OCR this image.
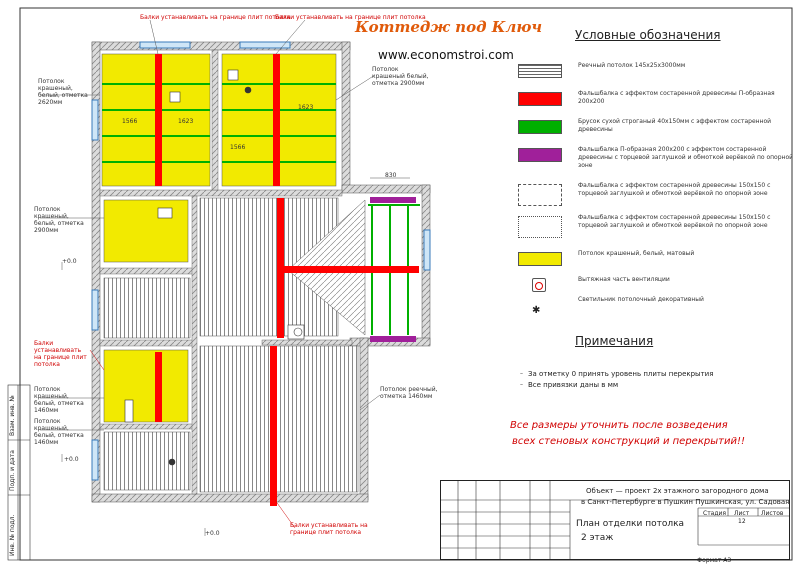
Коттедж под Ключ
www.economstroi.com
Балки устанавливать на границе плит потолка
Балки устанавливать на границе плит потолка
Потолок крашеный, белый, отметка 2620мм
Потолок крашеный, белый, отметка 2900мм
Балки устанавливать на границе плит потолка
Потолок крашеный, белый, отметка 1460мм
Потолок крашеный, белый, отметка 1460мм
Потолок крашеный белый, отметка 2900мм
Потолок реечный, отметка 1460мм
Балки устанавливать на границе плит потолка
1566	1623
1566
1623
830
+0.0
+0.0
+0.0
Условные обозначения
Реечный потолок 145х25х3000мм
Фальшбалка с эффектом состаренной древесины П-образная 200х200
Брусок сухой строганый 40х150мм с эффектом состаренной древесины
Фальшбалка П-образная 200х200 с эффектом состаренной древесины с торцевой заглушкой и обмоткой верёвкой по опорной зоне
Фальшбалка с эффектом состаренной древесины 150х150 с торцевой заглушкой и обмоткой верёвкой по опорной зоне
Фальшбалка с эффектом состаренной древесины 150х150 с торцевой заглушкой и обмоткой верёвкой по опорной зоне
Потолок крашеный, белый, матовый
Вытяжная часть вентиляции
✱
Светильник потолочный декоративный
Примечания
За отметку 0 принять уровень плиты перекрытия
Все привязки даны в мм
–
–
Все размеры уточнить после возведения
всех стеновых конструкций и перекрытий!!
Объект — проект 2х этажного загородного дома
в Санкт-Петербурге в Пушкин Пушкинская, ул. Садовая
План отделки потолка
2 этаж
Стадия Лист Листов
12
Формат А3
Взам. инв. №
Подп. и дата
Инв. № подл.
